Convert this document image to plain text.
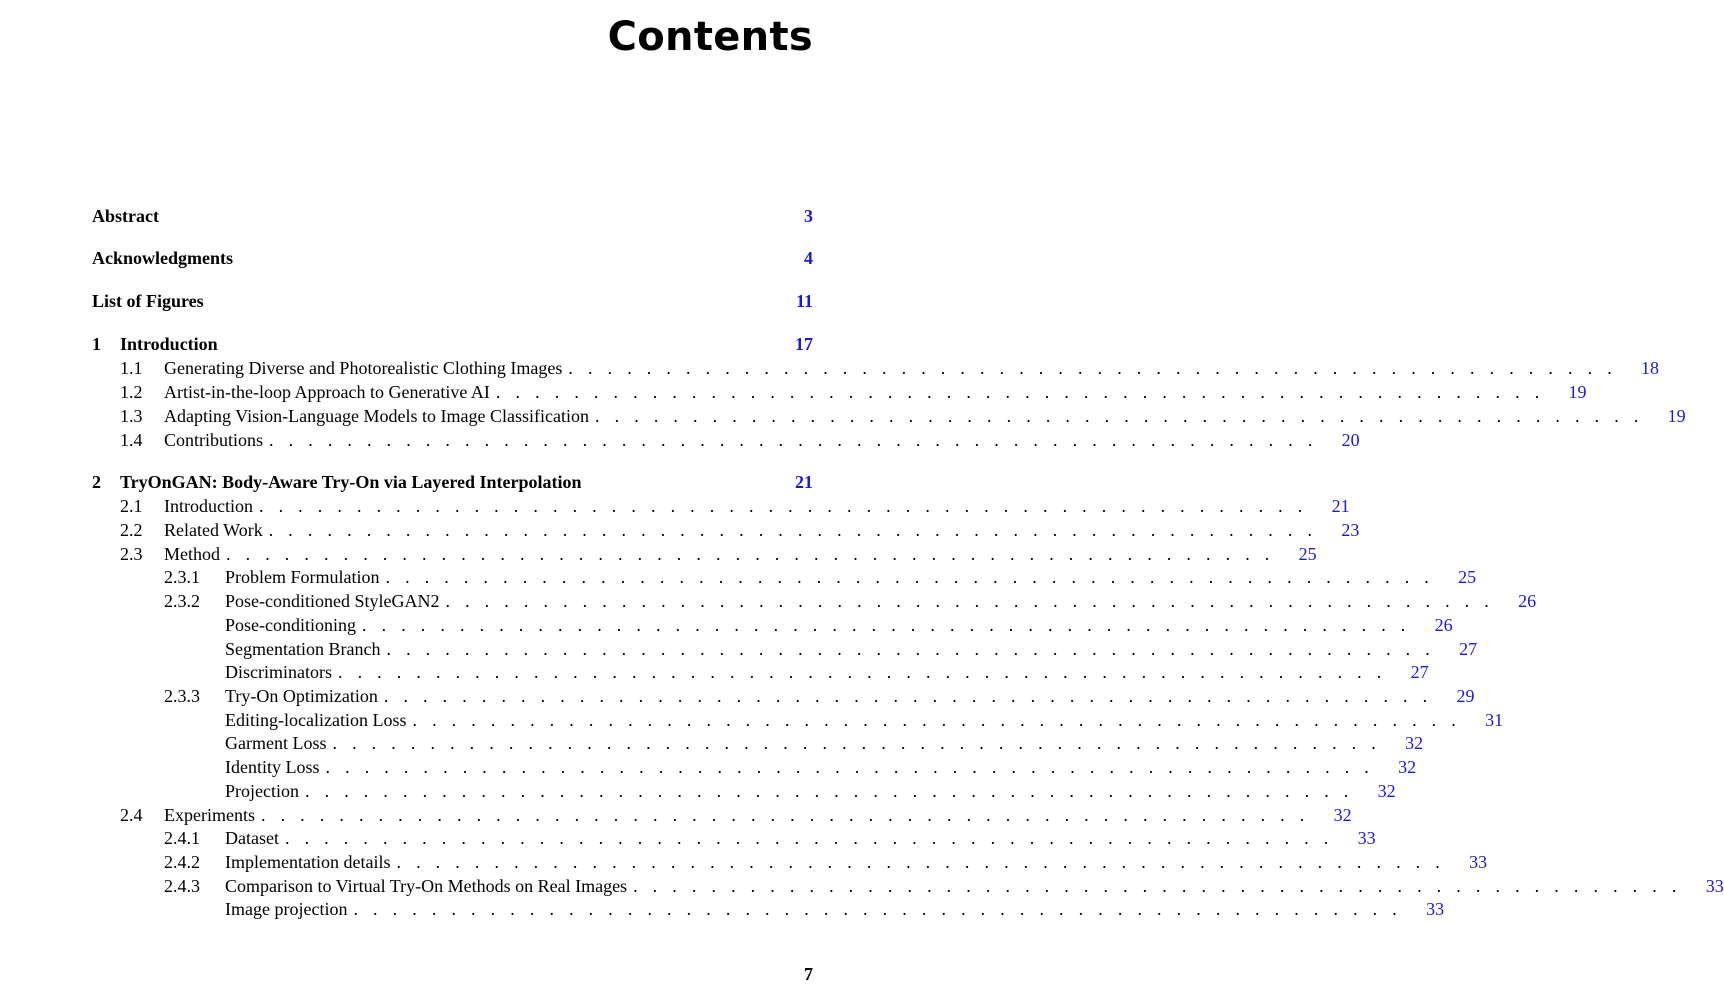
Contents
Abstract	3
Acknowledgments	4
List of Figures	11
1	Introduction	17
1.1	Generating Diverse and Photorealistic Clothing Images . . . . . . . . . . . . . . . . . . . . . . . . . . . . . . . . . . . . . . . . . . . . . . . . . . . . . .	18
1.2	Artist-in-the-loop Approach to Generative AI . . . . . . . . . . . . . . . . . . . . . . . . . . . . . . . . . . . . . . . . . . . . . . . . . . . . . .	19
1.3	Adapting Vision-Language Models to Image Classification . . . . . . . . . . . . . . . . . . . . . . . . . . . . . . . . . . . . . . . . . . . . . . . . . . . . . .	19
1.4	Contributions . . . . . . . . . . . . . . . . . . . . . . . . . . . . . . . . . . . . . . . . . . . . . . . . . . . . . .	20
2	TryOnGAN: Body-Aware Try-On via Layered Interpolation	21
2.1	Introduction . . . . . . . . . . . . . . . . . . . . . . . . . . . . . . . . . . . . . . . . . . . . . . . . . . . . . .	21
2.2	Related Work . . . . . . . . . . . . . . . . . . . . . . . . . . . . . . . . . . . . . . . . . . . . . . . . . . . . . .	23
2.3	Method . . . . . . . . . . . . . . . . . . . . . . . . . . . . . . . . . . . . . . . . . . . . . . . . . . . . . .	25
2.3.1	Problem Formulation . . . . . . . . . . . . . . . . . . . . . . . . . . . . . . . . . . . . . . . . . . . . . . . . . . . . . .	25
2.3.2	Pose-conditioned StyleGAN2 . . . . . . . . . . . . . . . . . . . . . . . . . . . . . . . . . . . . . . . . . . . . . . . . . . . . . .	26
Pose-conditioning . . . . . . . . . . . . . . . . . . . . . . . . . . . . . . . . . . . . . . . . . . . . . . . . . . . . . .	26
Segmentation Branch . . . . . . . . . . . . . . . . . . . . . . . . . . . . . . . . . . . . . . . . . . . . . . . . . . . . . .	27
Discriminators . . . . . . . . . . . . . . . . . . . . . . . . . . . . . . . . . . . . . . . . . . . . . . . . . . . . . .	27
2.3.3	Try-On Optimization . . . . . . . . . . . . . . . . . . . . . . . . . . . . . . . . . . . . . . . . . . . . . . . . . . . . . .	29
Editing-localization Loss . . . . . . . . . . . . . . . . . . . . . . . . . . . . . . . . . . . . . . . . . . . . . . . . . . . . . .	31
Garment Loss . . . . . . . . . . . . . . . . . . . . . . . . . . . . . . . . . . . . . . . . . . . . . . . . . . . . . .	32
Identity Loss . . . . . . . . . . . . . . . . . . . . . . . . . . . . . . . . . . . . . . . . . . . . . . . . . . . . . .	32
Projection . . . . . . . . . . . . . . . . . . . . . . . . . . . . . . . . . . . . . . . . . . . . . . . . . . . . . .	32
2.4	Experiments . . . . . . . . . . . . . . . . . . . . . . . . . . . . . . . . . . . . . . . . . . . . . . . . . . . . . .	32
2.4.1	Dataset . . . . . . . . . . . . . . . . . . . . . . . . . . . . . . . . . . . . . . . . . . . . . . . . . . . . . .	33
2.4.2	Implementation details . . . . . . . . . . . . . . . . . . . . . . . . . . . . . . . . . . . . . . . . . . . . . . . . . . . . . .	33
2.4.3	Comparison to Virtual Try-On Methods on Real Images . . . . . . . . . . . . . . . . . . . . . . . . . . . . . . . . . . . . . . . . . . . . . . . . . . . . . .	33
Image projection . . . . . . . . . . . . . . . . . . . . . . . . . . . . . . . . . . . . . . . . . . . . . . . . . . . . . .	33
7
